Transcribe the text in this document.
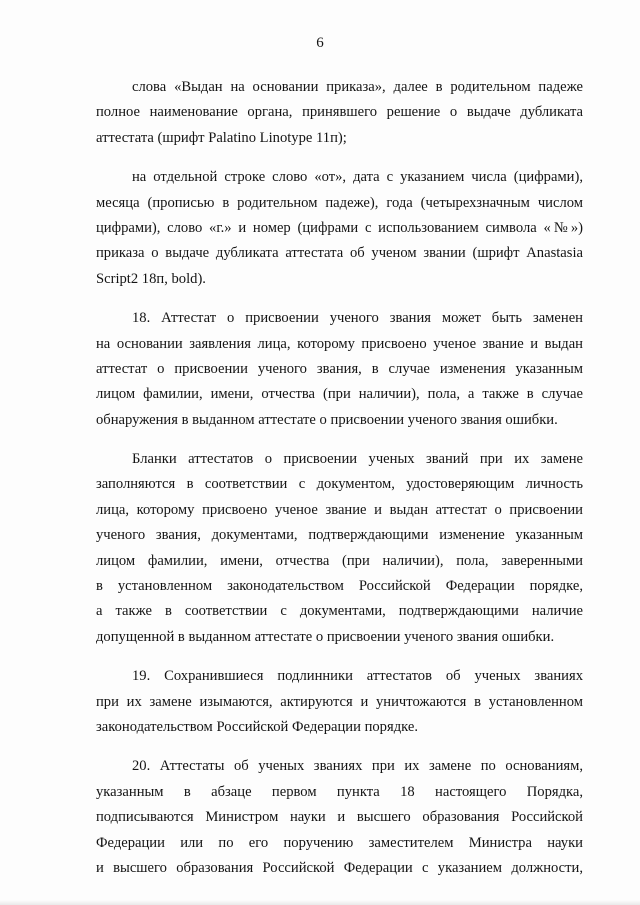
6

слова «Выдан на основании приказа», далее в родительном падеже
полное наименование органа, принявшего решение о выдаче дубликата
аттестата (шрифт Palatino Linotype 11п);

на отдельной строке слово «от», дата с указанием числа (цифрами),
месяца (прописью в родительном падеже), года (четырехзначным числом
цифрами), слово «г.» и номер (цифрами с использованием символа «№»)
приказа о выдаче дубликата аттестата об ученом звании (шрифт Anastasia
Script2 18п, bold).

18. Аттестат о присвоении ученого звания может быть заменен
на основании заявления лица, которому присвоено ученое звание и выдан
аттестат о присвоении ученого звания, в случае изменения указанным
лицом фамилии, имени, отчества (при наличии), пола, а также в случае
обнаружения в выданном аттестате о присвоении ученого звания ошибки.

Бланки аттестатов о присвоении ученых званий при их замене
заполняются в соответствии с документом, удостоверяющим личность
лица, которому присвоено ученое звание и выдан аттестат о присвоении
ученого звания, документами, подтверждающими изменение указанным
лицом фамилии, имени, отчества (при наличии), пола, заверенными
в установленном законодательством Российской Федерации порядке,
а также в соответствии с документами, подтверждающими наличие
допущенной в выданном аттестате о присвоении ученого звания ошибки.

19. Сохранившиеся подлинники аттестатов об ученых званиях
при их замене изымаются, актируются и уничтожаются в установленном
законодательством Российской Федерации порядке.

20. Аттестаты об ученых званиях при их замене по основаниям,
указанным в абзаце первом пункта 18 настоящего Порядка,
подписываются Министром науки и высшего образования Российской
Федерации или по его поручению заместителем Министра науки
и высшего образования Российской Федерации с указанием должности,
